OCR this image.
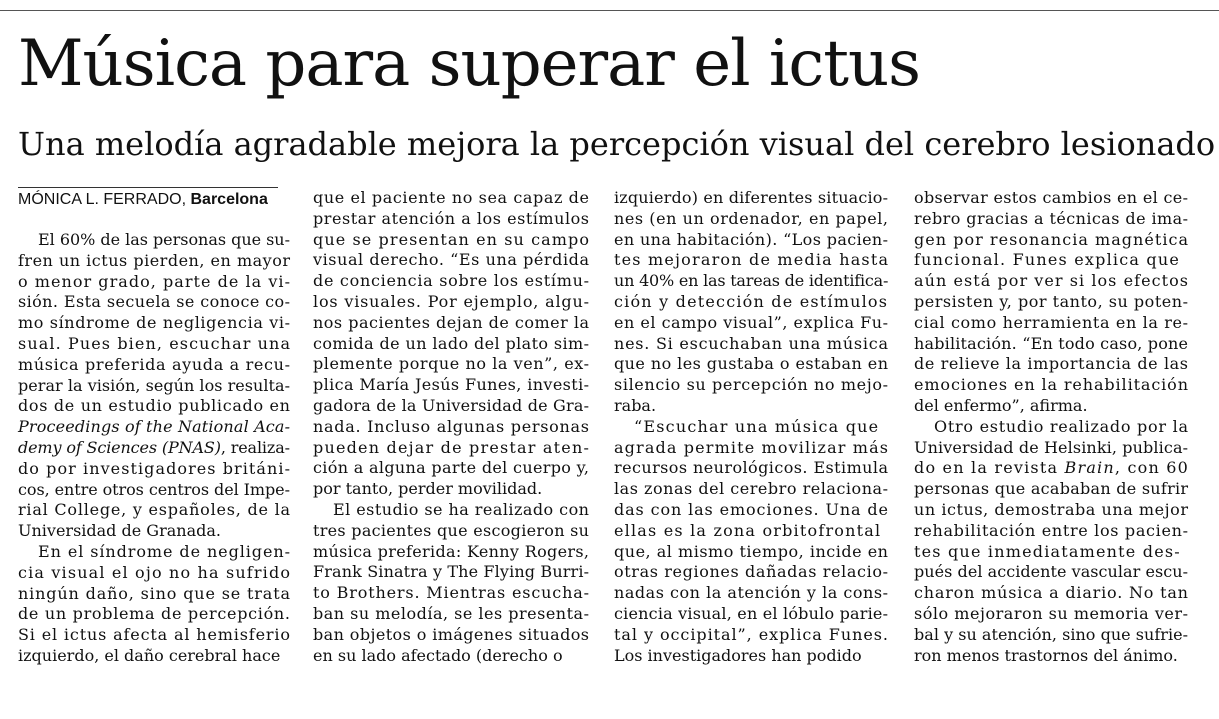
Música para superar el ictus
Una melodía agradable mejora la percepción visual del cerebro lesionado
MÓNICA L. FERRADO, Barcelona
El 60% de las personas que su-
fren un ictus pierden, en mayor
o menor grado, parte de la vi-
sión. Esta secuela se conoce co-
mo síndrome de negligencia vi-
sual. Pues bien, escuchar una
música preferida ayuda a recu-
perar la visión, según los resulta-
dos de un estudio publicado en
Proceedings of the National Aca-
demy of Sciences (PNAS), realiza-
do por investigadores británi-
cos, entre otros centros del Impe-
rial College, y españoles, de la
Universidad de Granada.
En el síndrome de negligen-
cia visual el ojo no ha sufrido
ningún daño, sino que se trata
de un problema de percepción.
Si el ictus afecta al hemisferio
izquierdo, el daño cerebral hace
que el paciente no sea capaz de
prestar atención a los estímulos
que se presentan en su campo
visual derecho. “Es una pérdida
de conciencia sobre los estímu-
los visuales. Por ejemplo, algu-
nos pacientes dejan de comer la
comida de un lado del plato sim-
plemente porque no la ven”, ex-
plica María Jesús Funes, investi-
gadora de la Universidad de Gra-
nada. Incluso algunas personas
pueden dejar de prestar aten-
ción a alguna parte del cuerpo y,
por tanto, perder movilidad.
El estudio se ha realizado con
tres pacientes que escogieron su
música preferida: Kenny Rogers,
Frank Sinatra y The Flying Burri-
to Brothers. Mientras escucha-
ban su melodía, se les presenta-
ban objetos o imágenes situados
en su lado afectado (derecho o
izquierdo) en diferentes situacio-
nes (en un ordenador, en papel,
en una habitación). “Los pacien-
tes mejoraron de media hasta
un 40% en las tareas de identifica-
ción y detección de estímulos
en el campo visual”, explica Fu-
nes. Si escuchaban una música
que no les gustaba o estaban en
silencio su percepción no mejo-
raba.
“Escuchar una música que
agrada permite movilizar más
recursos neurológicos. Estimula
las zonas del cerebro relaciona-
das con las emociones. Una de
ellas es la zona orbitofrontal
que, al mismo tiempo, incide en
otras regiones dañadas relacio-
nadas con la atención y la cons-
ciencia visual, en el lóbulo parie-
tal y occipital”, explica Funes.
Los investigadores han podido
observar estos cambios en el ce-
rebro gracias a técnicas de ima-
gen por resonancia magnética
funcional. Funes explica que
aún está por ver si los efectos
persisten y, por tanto, su poten-
cial como herramienta en la re-
habilitación. “En todo caso, pone
de relieve la importancia de las
emociones en la rehabilitación
del enfermo”, afirma.
Otro estudio realizado por la
Universidad de Helsinki, publica-
do en la revista Brain, con 60
personas que acababan de sufrir
un ictus, demostraba una mejor
rehabilitación entre los pacien-
tes que inmediatamente des-
pués del accidente vascular escu-
charon música a diario. No tan
sólo mejoraron su memoria ver-
bal y su atención, sino que sufrie-
ron menos trastornos del ánimo.
